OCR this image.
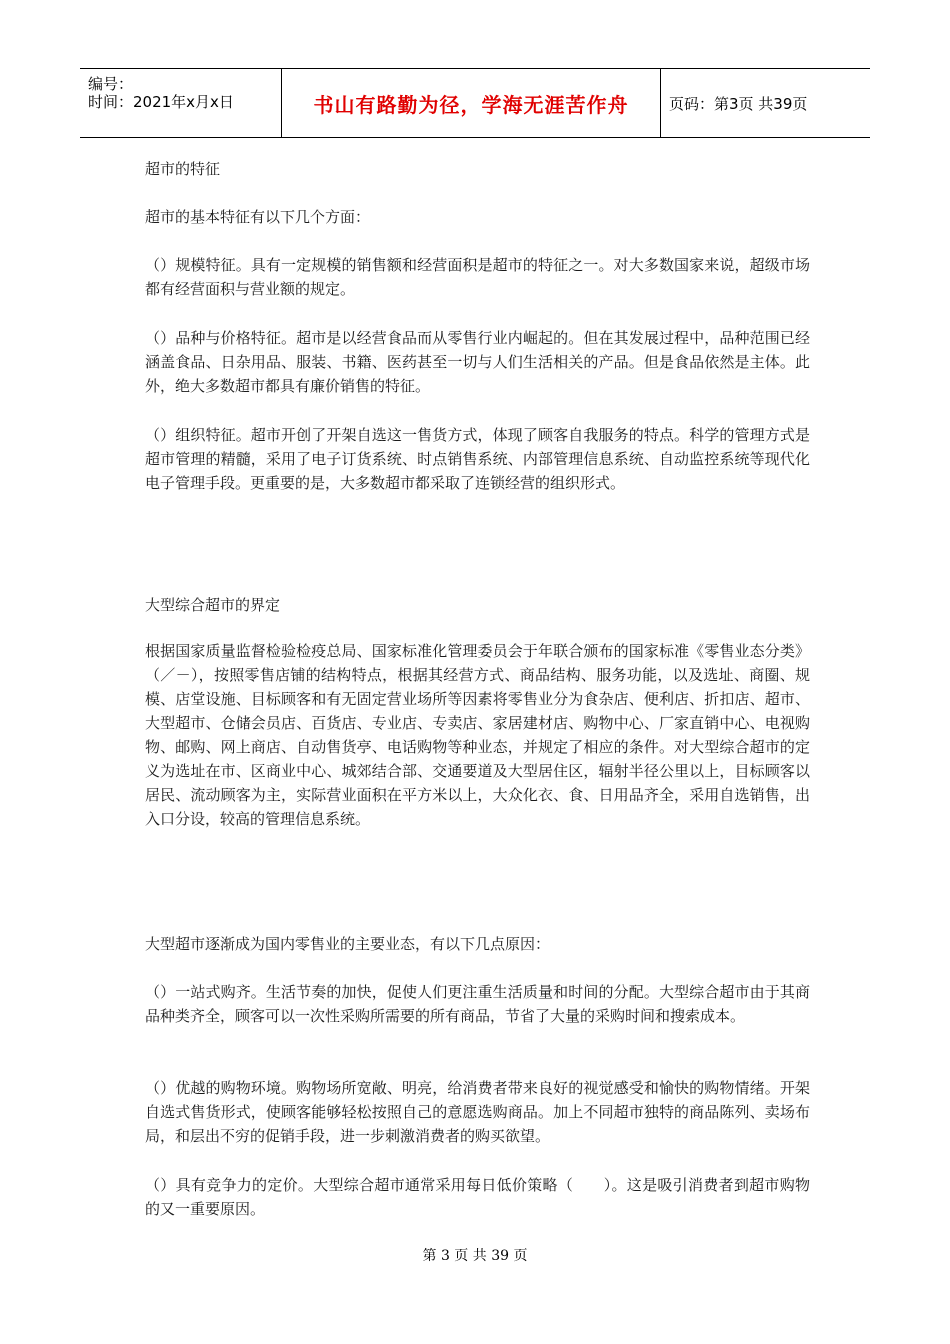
编号：
时间：2021年x月x日	书山有路勤为径，学海无涯苦作舟	页码：第3页 共39页

超市的特征

超市的基本特征有以下几个方面：

（）规模特征。具有一定规模的销售额和经营面积是超市的特征之一。对大多数国家来说，超级市场都有经营面积与营业额的规定。

（）品种与价格特征。超市是以经营食品而从零售行业内崛起的。但在其发展过程中，品种范围已经涵盖食品、日杂用品、服装、书籍、医药甚至一切与人们生活相关的产品。但是食品依然是主体。此外，绝大多数超市都具有廉价销售的特征。

（）组织特征。超市开创了开架自选这一售货方式，体现了顾客自我服务的特点。科学的管理方式是超市管理的精髓，采用了电子订货系统、时点销售系统、内部管理信息系统、自动监控系统等现代化电子管理手段。更重要的是，大多数超市都采取了连锁经营的组织形式。

大型综合超市的界定

根据国家质量监督检验检疫总局、国家标准化管理委员会于年联合颁布的国家标准《零售业态分类》（／－），按照零售店铺的结构特点，根据其经营方式、商品结构、服务功能，以及选址、商圈、规模、店堂设施、目标顾客和有无固定营业场所等因素将零售业分为食杂店、便利店、折扣店、超市、大型超市、仓储会员店、百货店、专业店、专卖店、家居建材店、购物中心、厂家直销中心、电视购物、邮购、网上商店、自动售货亭、电话购物等种业态，并规定了相应的条件。对大型综合超市的定义为选址在市、区商业中心、城郊结合部、交通要道及大型居住区，辐射半径公里以上，目标顾客以居民、流动顾客为主，实际营业面积在平方米以上，大众化衣、食、日用品齐全，采用自选销售，出入口分设，较高的管理信息系统。

大型超市逐渐成为国内零售业的主要业态，有以下几点原因：

（）一站式购齐。生活节奏的加快，促使人们更注重生活质量和时间的分配。大型综合超市由于其商品种类齐全，顾客可以一次性采购所需要的所有商品，节省了大量的采购时间和搜索成本。

（）优越的购物环境。购物场所宽敞、明亮，给消费者带来良好的视觉感受和愉快的购物情绪。开架自选式售货形式，使顾客能够轻松按照自己的意愿选购商品。加上不同超市独特的商品陈列、卖场布局，和层出不穷的促销手段，进一步刺激消费者的购买欲望。

（）具有竞争力的定价。大型综合超市通常采用每日低价策略（　　）。这是吸引消费者到超市购物的又一重要原因。

第 3 页 共 39 页
